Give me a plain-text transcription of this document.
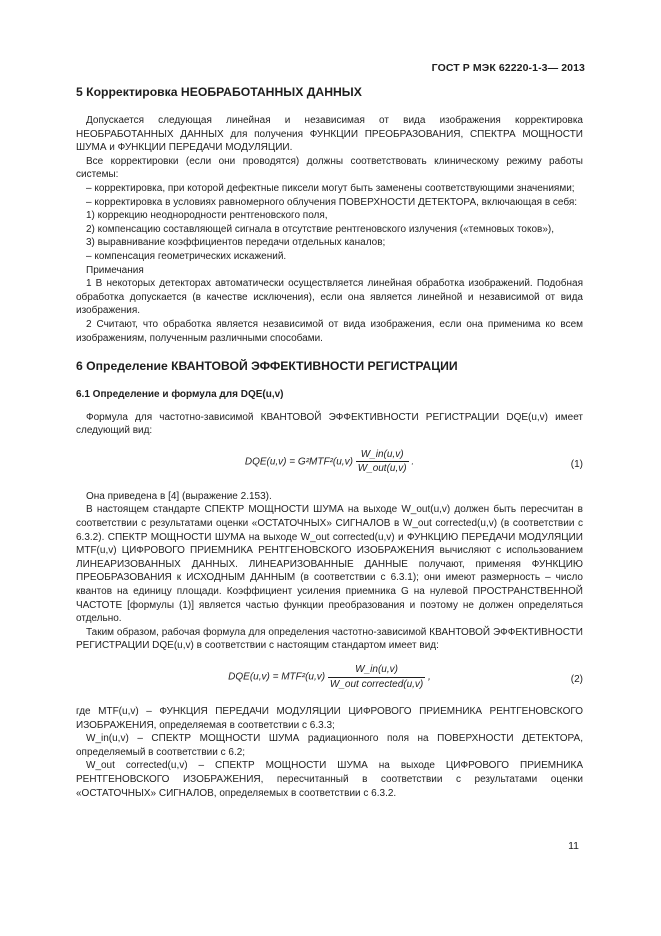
ГОСТ Р МЭК 62220-1-3— 2013
5 Корректировка НЕОБРАБОТАННЫХ ДАННЫХ

Допускается следующая линейная и независимая от вида изображения корректировка НЕОБРАБОТАННЫХ ДАННЫХ для получения ФУНКЦИИ ПРЕОБРАЗОВАНИЯ, СПЕКТРА МОЩНОСТИ ШУМА и ФУНКЦИИ ПЕРЕДАЧИ МОДУЛЯЦИИ.

Все корректировки (если они проводятся) должны соответствовать клиническому режиму работы системы:

– корректировка, при которой дефектные пиксели могут быть заменены соответствующими значениями;

– корректировка в условиях равномерного облучения ПОВЕРХНОСТИ ДЕТЕКТОРА, включающая в себя:

1) коррекцию неоднородности рентгеновского поля,

2) компенсацию составляющей сигнала в отсутствие рентгеновского излучения («темновых токов»),

3) выравнивание коэффициентов передачи отдельных каналов;

– компенсация геометрических искажений.

Примечания

1 В некоторых детекторах автоматически осуществляется линейная обработка изображений. Подобная обработка допускается (в качестве исключения), если она является линейной и независимой от вида изображения.

2 Считают, что обработка является независимой от вида изображения, если она применима ко всем изображениям, полученным различными способами.

6 Определение КВАНТОВОЙ ЭФФЕКТИВНОСТИ РЕГИСТРАЦИИ
6.1 Определение и формула для DQE(u,v)

Формула для частотно-зависимой КВАНТОВОЙ ЭФФЕКТИВНОСТИ РЕГИСТРАЦИИ DQE(u,v) имеет следующий вид:

$DQE(u,v) = G^2MTF^2(u,v) \frac{W\_in(u,v)}{\text{W\_out(u,v)}}$ .	(1)

Она приведена в [4] (выражение 2.153).

В настоящем стандарте СПЕКТР МОЩНОСТИ ШУМА на выходе W_out(u,v) должен быть пересчитан в соответствии с результатами оценки «ОСТАТОЧНЫХ» СИГНАЛОВ в W_out corrected(u,v) (в соответствии с 6.3.2). СПЕКТР МОЩНОСТИ ШУМА на выходе W_out corrected(u,v) и ФУНКЦИЮ ПЕРЕДАЧИ МОДУЛЯЦИИ MTF(u,v) ЦИФРОВОГО ПРИЕМНИКА РЕНТГЕНОВСКОГО ИЗОБРАЖЕНИЯ вычисляют с использованием ЛИНЕАРИЗОВАННЫХ ДАННЫХ. ЛИНЕАРИЗОВАННЫЕ ДАННЫЕ получают, применяя ФУНКЦИЮ ПРЕОБРАЗОВАНИЯ к ИСХОДНЫМ ДАННЫМ (в соответствии с 6.3.1); они имеют размерность – число квантов на единицу площади. Коэффициент усиления приемника G на нулевой ПРОСТРАНСТВЕННОЙ ЧАСТОТЕ [формулы (1)] является частью функции преобразования и поэтому не должен определяться отдельно.

Таким образом, рабочая формула для определения частотно-зависимой КВАНТОВОЙ ЭФФЕКТИВНОСТИ РЕГИСТРАЦИИ DQE(u,v) в соответствии с настоящим стандартом имеет вид:

$DQE(u,v) = MTF^2(u,v) \frac{W\_in(u,v)}{\text{W\_out corrected(u,v)}}$ ,	(2)

где MTF(u,v) – ФУНКЦИЯ ПЕРЕДАЧИ МОДУЛЯЦИИ ЦИФРОВОГО ПРИЕМНИКА РЕНТГЕНОВСКОГО ИЗОБРАЖЕНИЯ, определяемая в соответствии с 6.3.3;

W_in(u,v) – СПЕКТР МОЩНОСТИ ШУМА радиационного поля на ПОВЕРХНОСТИ ДЕТЕКТОРА, определяемый в соответствии с 6.2;

W_out corrected(u,v) – СПЕКТР МОЩНОСТИ ШУМА на выходе ЦИФРОВОГО ПРИЕМНИКА РЕНТГЕНОВСКОГО ИЗОБРАЖЕНИЯ, пересчитанный в соответствии с результатами оценки «ОСТАТОЧНЫХ» СИГНАЛОВ, определяемых в соответствии с 6.3.2.

11
